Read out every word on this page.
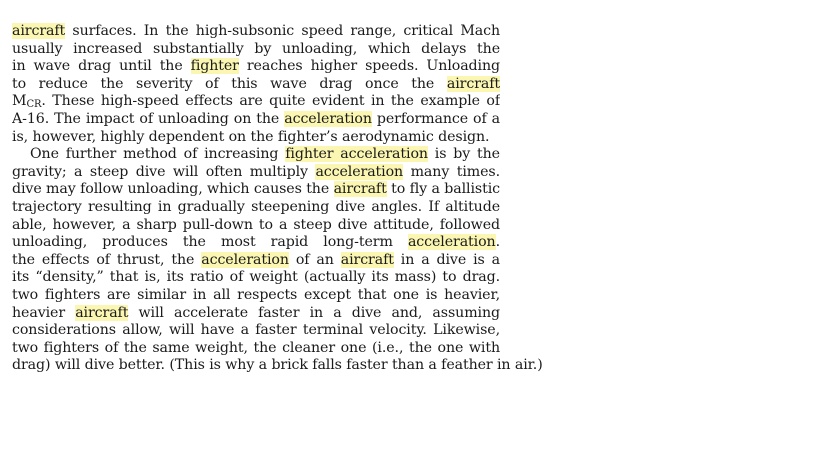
aircraft surfaces. In the high-subsonic speed range, critical Mach
usually increased substantially by unloading, which delays the
in wave drag until the fighter reaches higher speeds. Unloading
to reduce the severity of this wave drag once the aircraft
$M_{CR}$. These high-speed effects are quite evident in the example of
A-16. The impact of unloading on the acceleration performance of a
is, however, highly dependent on the fighter’s aerodynamic design.
One further method of increasing fighter acceleration is by the
gravity; a steep dive will often multiply acceleration many times.
dive may follow unloading, which causes the aircraft to fly a ballistic
trajectory resulting in gradually steepening dive angles. If altitude
able, however, a sharp pull-down to a steep dive attitude, followed
unloading, produces the most rapid long-term acceleration.
the effects of thrust, the acceleration of an aircraft in a dive is a
its “density,” that is, its ratio of weight (actually its mass) to drag.
two fighters are similar in all respects except that one is heavier,
heavier aircraft will accelerate faster in a dive and, assuming
considerations allow, will have a faster terminal velocity. Likewise,
two fighters of the same weight, the cleaner one (i.e., the one with
drag) will dive better. (This is why a brick falls faster than a feather in air.)
